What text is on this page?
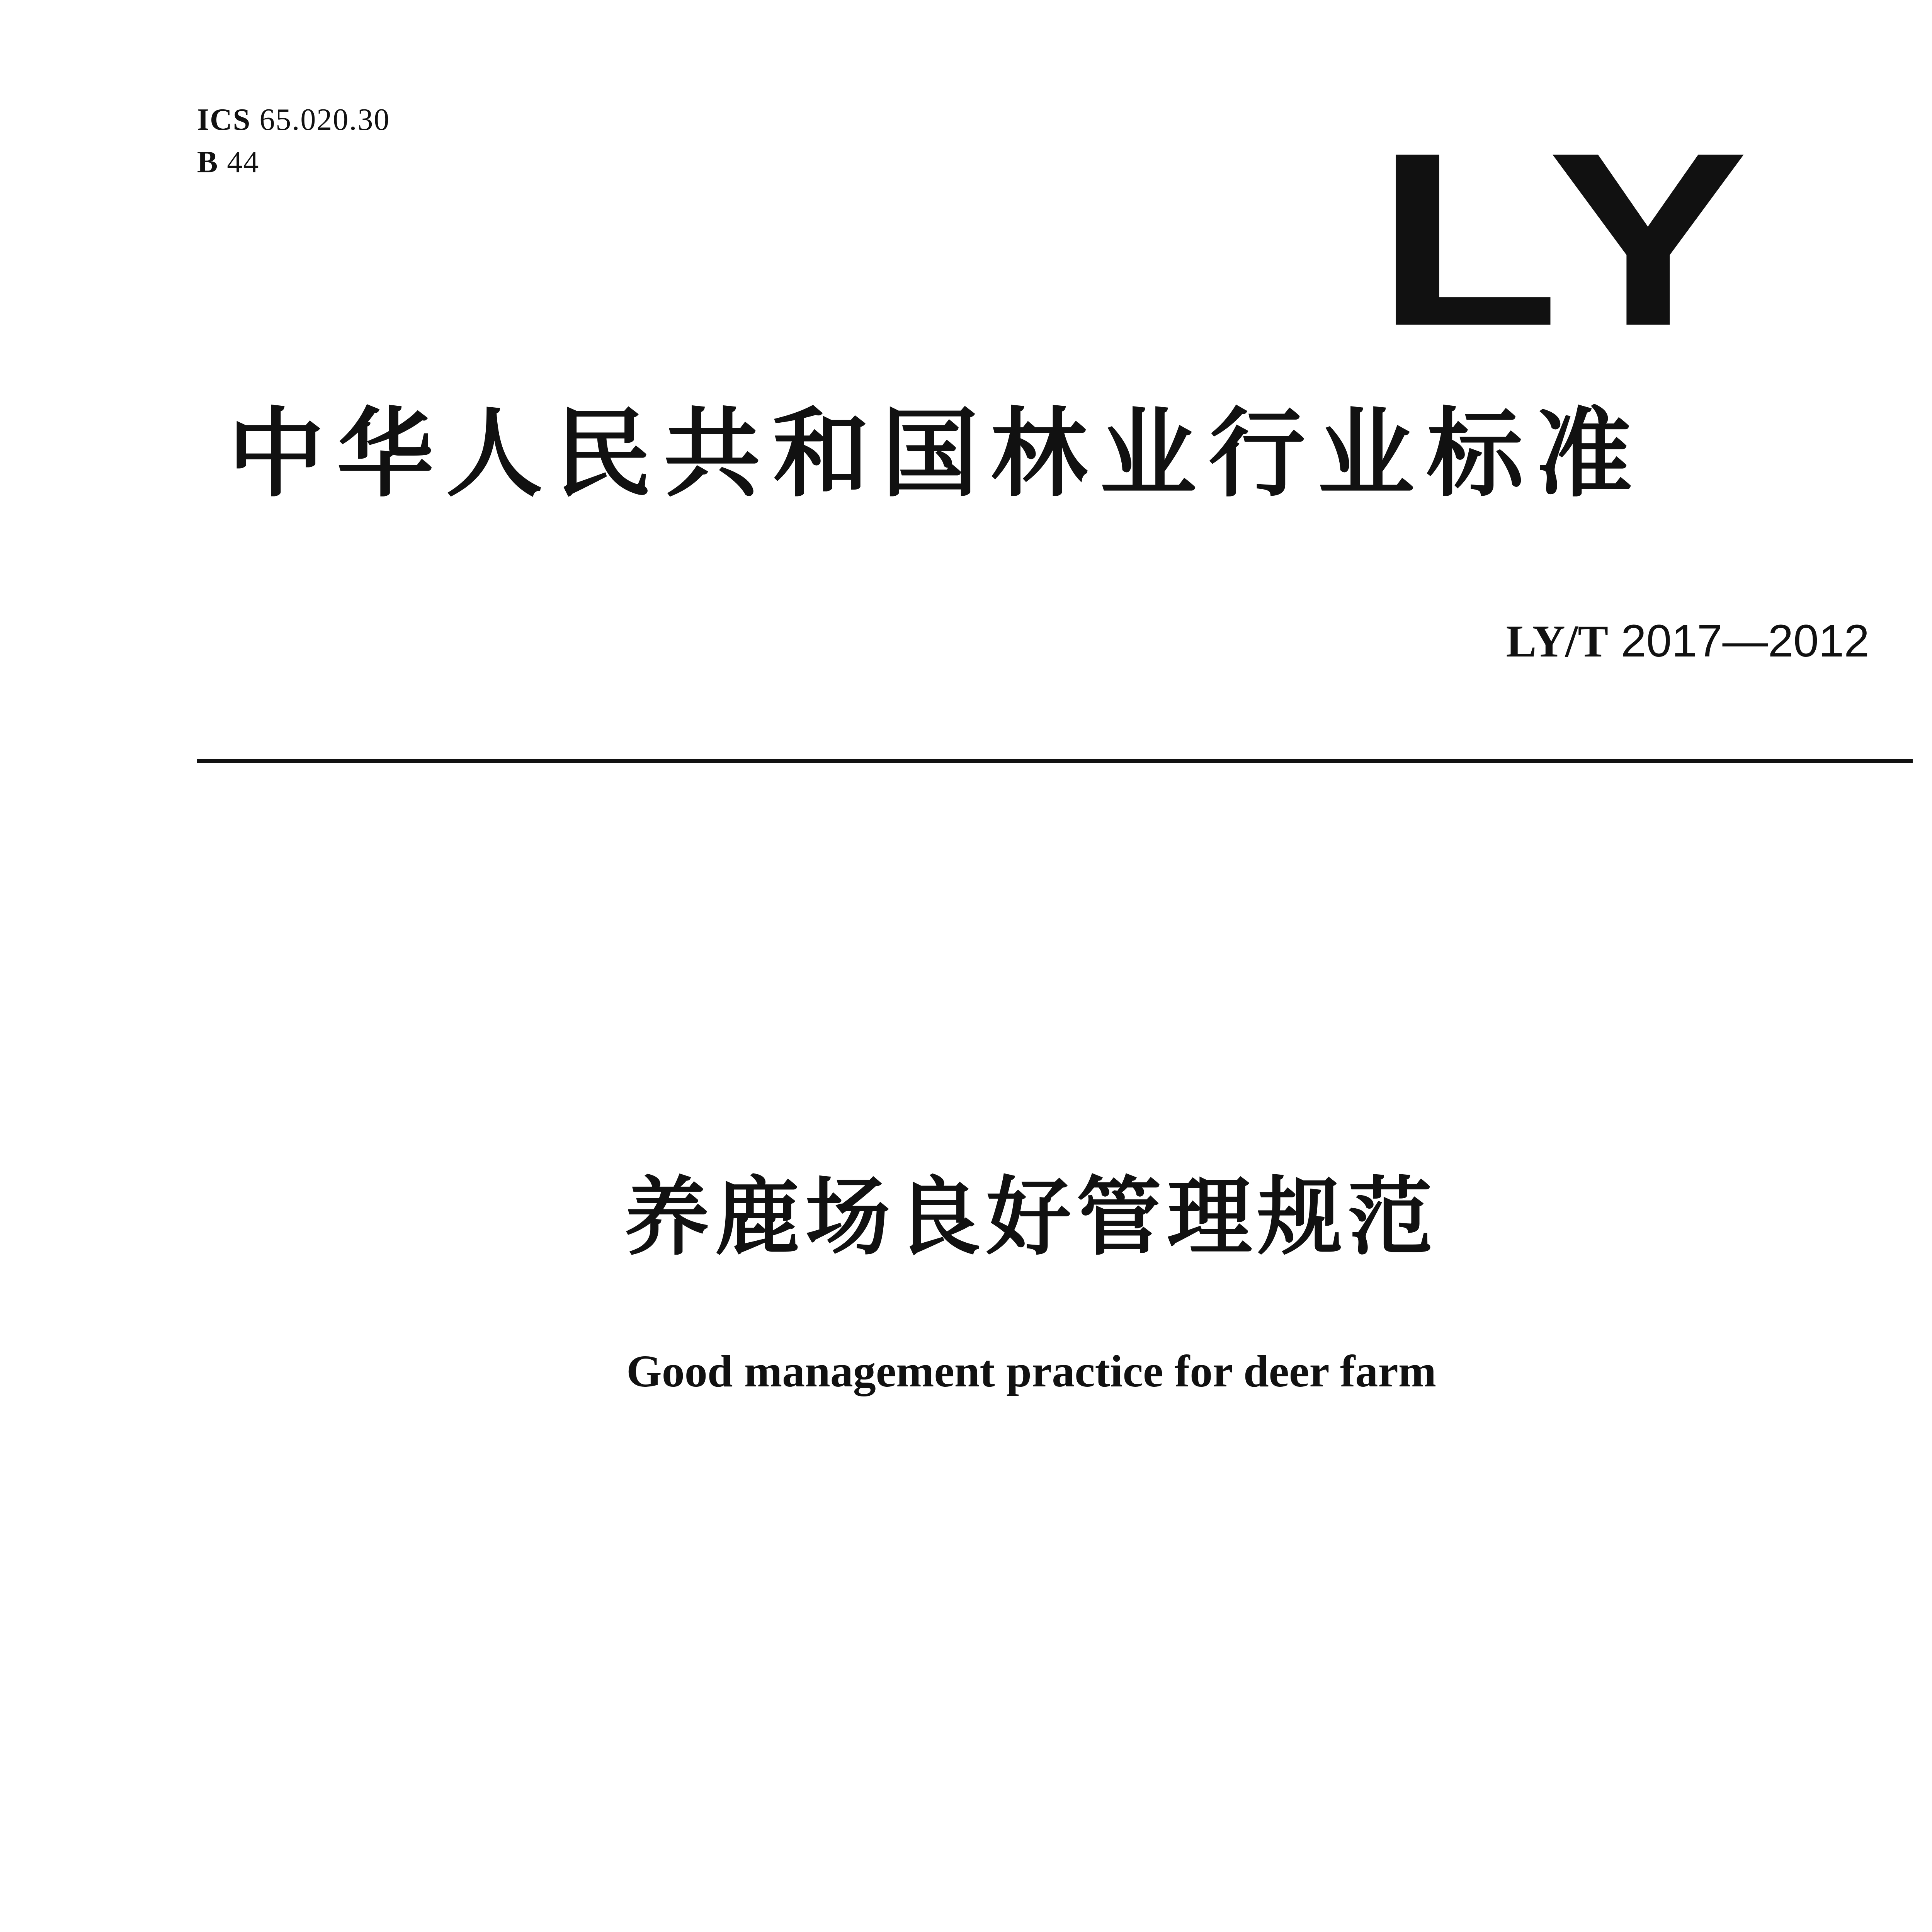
ICS 65.020.30
B 44	LY
中华人民共和国林业行业标准
LY/T 2017—2012
养鹿场良好管理规范
Good management practice for deer farm
